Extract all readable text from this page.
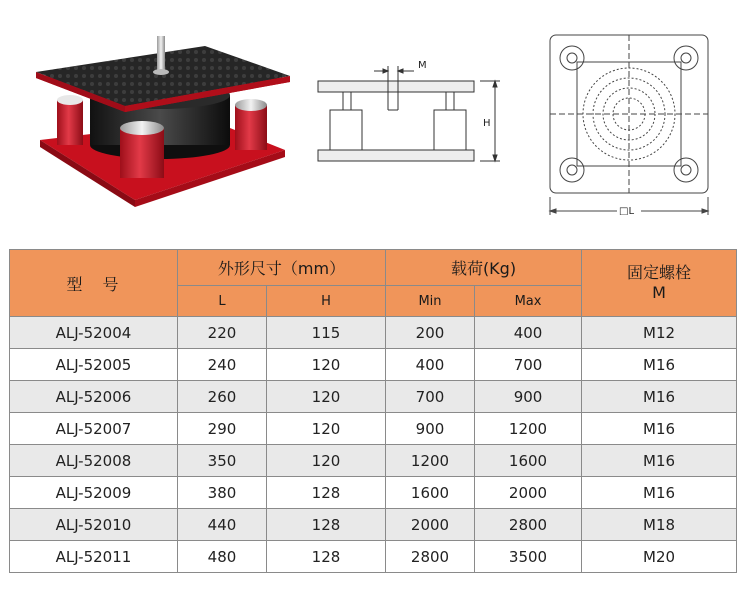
M
H
□L
型　号	外形尺寸（mm）		载荷(Kg)		固定螺栓
M

	L	H	Min	Max	
ALJ-52004	220	115	200	400	M12
ALJ-52005	240	120	400	700	M16
ALJ-52006	260	120	700	900	M16
ALJ-52007	290	120	900	1200	M16
ALJ-52008	350	120	1200	1600	M16
ALJ-52009	380	128	1600	2000	M16
ALJ-52010	440	128	2000	2800	M18
ALJ-52011	480	128	2800	3500	M20
